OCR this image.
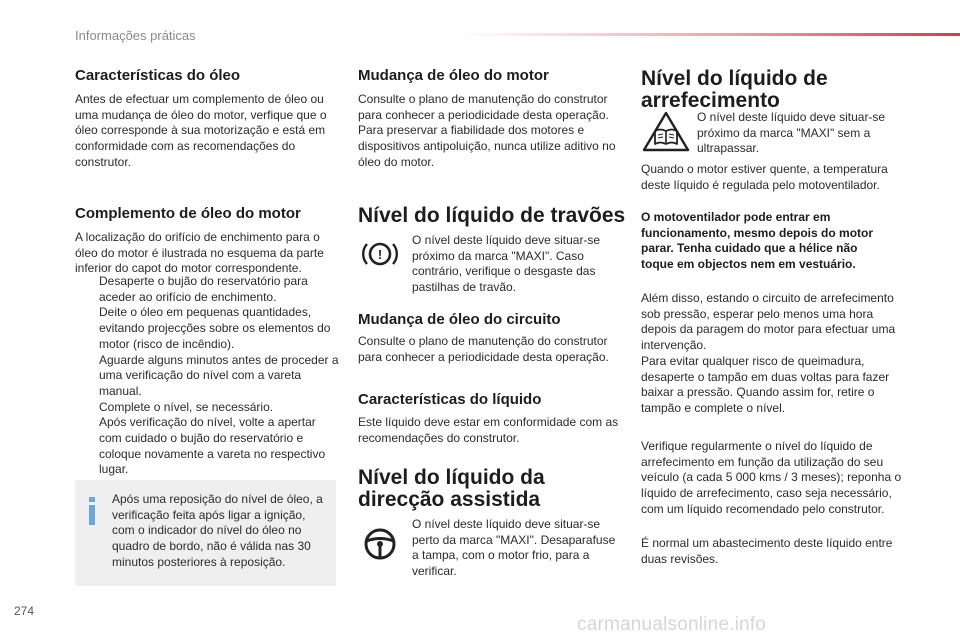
Informações práticas
Características do óleo

Antes de efectuar um complemento de óleo ou uma mudança de óleo do motor, verfique que o óleo corresponde à sua motorização e está em conformidade com as recomendações do construtor.

Complemento de óleo do motor

A localização do orifício de enchimento para o óleo do motor é ilustrada no esquema da parte inferior do capot do motor correspondente.

Desaperte o bujão do reservatório para aceder ao orifício de enchimento.
Deite o óleo em pequenas quantidades, evitando projecções sobre os elementos do motor (risco de incêndio).
Aguarde alguns minutos antes de proceder a uma verificação do nível com a vareta manual.
Complete o nível, se necessário.
Após verificação do nível, volte a apertar com cuidado o bujão do reservatório e coloque novamente a vareta no respectivo lugar.

Após uma reposição do nível de óleo, a verificação feita após ligar a ignição, com o indicador do nível do óleo no quadro de bordo, não é válida nas 30 minutos posteriores à reposição.

Mudança de óleo do motor

Consulte o plano de manutenção do construtor para conhecer a periodicidade desta operação. Para preservar a fiabilidade dos motores e dispositivos antipoluição, nunca utilize aditivo no óleo do motor.

Nível do líquido de travões
!

O nível deste líquido deve situar-se próximo da marca "MAXI". Caso contrário, verifique o desgaste das pastilhas de travão.

Mudança de óleo do circuito

Consulte o plano de manutenção do construtor para conhecer a periodicidade desta operação.

Características do líquido

Este líquido deve estar em conformidade com as recomendações do construtor.

Nível do líquido da direcção assistida

O nível deste líquido deve situar-se perto da marca "MAXI". Desaparafuse a tampa, com o motor frio, para a verificar.

Nível do líquido de arrefecimento

O nível deste líquido deve situar-se próximo da marca "MAXI" sem a ultrapassar.

Quando o motor estiver quente, a temperatura deste líquido é regulada pelo motoventilador.

O motoventilador pode entrar em funcionamento, mesmo depois do motor parar. Tenha cuidado que a hélice não toque em objectos nem em vestuário.

Além disso, estando o circuito de arrefecimento sob pressão, esperar pelo menos uma hora depois da paragem do motor para efectuar uma intervenção.

Para evitar qualquer risco de queimadura, desaperte o tampão em duas voltas para fazer baixar a pressão. Quando assim for, retire o tampão e complete o nível.

Verifique regularmente o nível do líquido de arrefecimento em função da utilização do seu veículo (a cada 5 000 kms / 3 meses); reponha o líquido de arrefecimento, caso seja necessário, com um líquido recomendado pelo construtor.

É normal um abastecimento deste líquido entre duas revisões.

274
carmanualsonline.info
